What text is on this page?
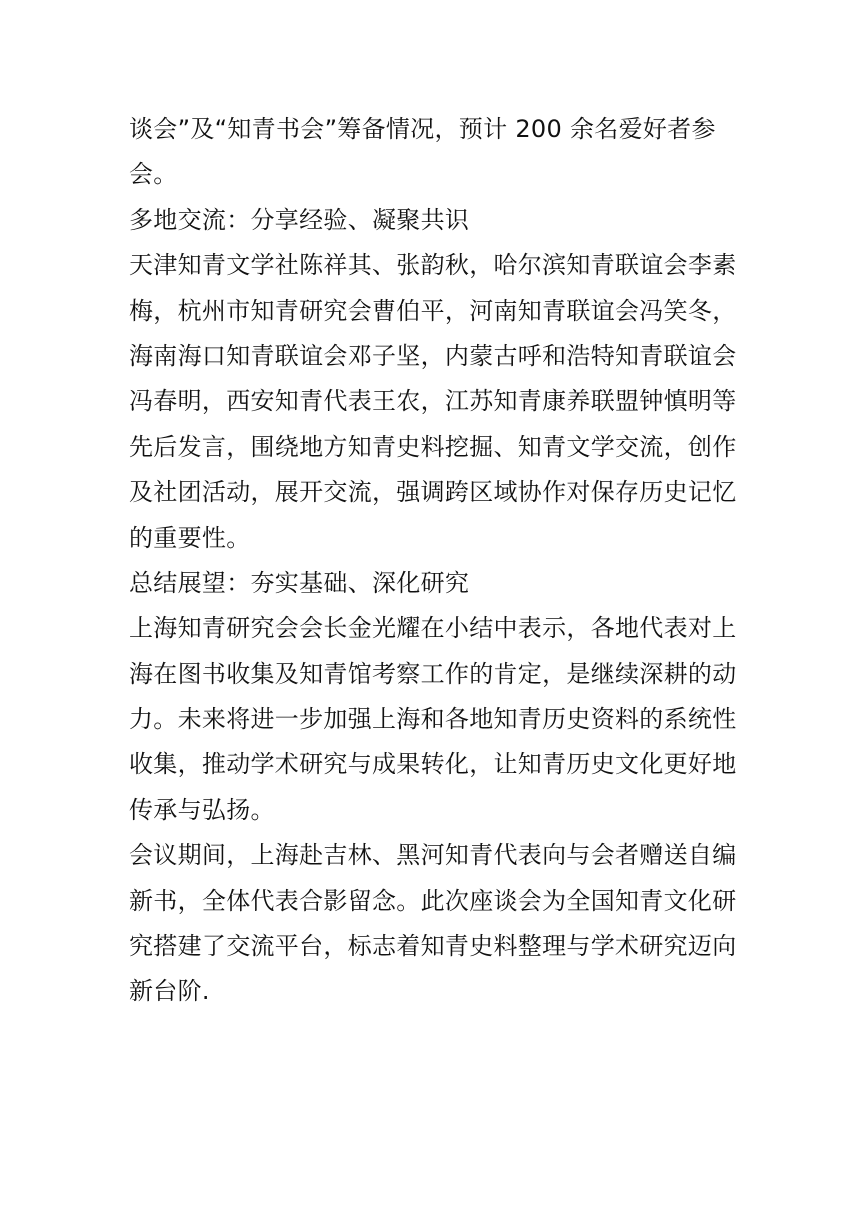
谈会”及“知青书会”筹备情况，预计 200 余名爱好者参
会。
多地交流：分享经验、凝聚共识
天津知青文学社陈祥其、张韵秋，哈尔滨知青联谊会李素
梅，杭州市知青研究会曹伯平，河南知青联谊会冯笑冬，
海南海口知青联谊会邓子坚，内蒙古呼和浩特知青联谊会
冯春明，西安知青代表王农，江苏知青康养联盟钟慎明等
先后发言，围绕地方知青史料挖掘、知青文学交流，创作
及社团活动，展开交流，强调跨区域协作对保存历史记忆
的重要性。
总结展望：夯实基础、深化研究
上海知青研究会会长金光耀在小结中表示，各地代表对上
海在图书收集及知青馆考察工作的肯定，是继续深耕的动
力。未来将进一步加强上海和各地知青历史资料的系统性
收集，推动学术研究与成果转化，让知青历史文化更好地
传承与弘扬。
会议期间，上海赴吉林、黑河知青代表向与会者赠送自编
新书，全体代表合影留念。此次座谈会为全国知青文化研
究搭建了交流平台，标志着知青史料整理与学术研究迈向
新台阶.
